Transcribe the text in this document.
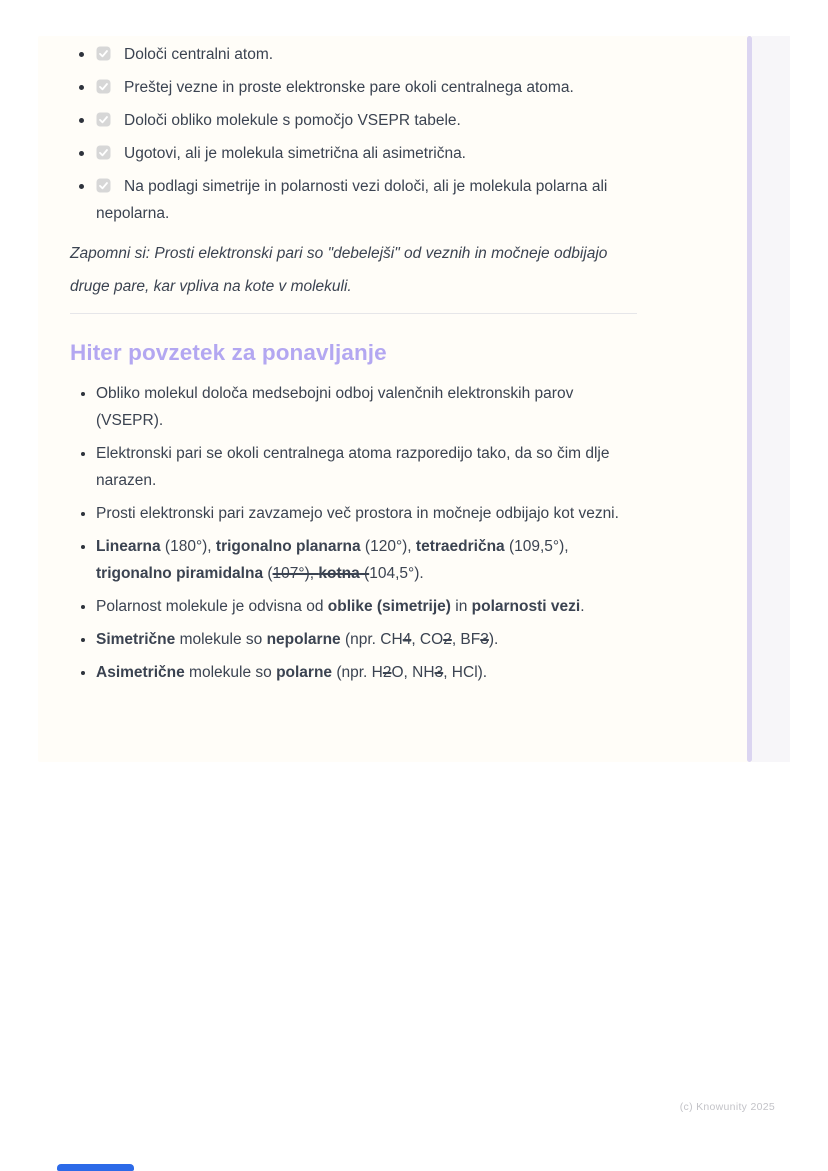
Določi centralni atom.
Preštej vezne in proste elektronske pare okoli centralnega atoma.
Določi obliko molekule s pomočjo VSEPR tabele.
Ugotovi, ali je molekula simetrična ali asimetrična.
Na podlagi simetrije in polarnosti vezi določi, ali je molekula polarna ali nepolarna.

Zapomni si: Prosti elektronski pari so "debelejši" od veznih in močneje odbijajo druge pare, kar vpliva na kote v molekuli.

Hiter povzetek za ponavljanje
• Obliko molekul določa medsebojni odboj valenčnih elektronskih parov (VSEPR).
• Elektronski pari se okoli centralnega atoma razporedijo tako, da so čim dlje narazen.
• Prosti elektronski pari zavzamejo več prostora in močneje odbijajo kot vezni.
• Linearna (180°), trigonalno planarna (120°), tetraedrična (109,5°), trigonalno piramidalna (107°), kotna (104,5°).
• Polarnost molekule je odvisna od oblike (simetrije) in polarnosti vezi.
• Simetrične molekule so nepolarne (npr. CH4, CO2, BF3).
• Asimetrične molekule so polarne (npr. H2O, NH3, HCl).
(c) Knowunity 2025
